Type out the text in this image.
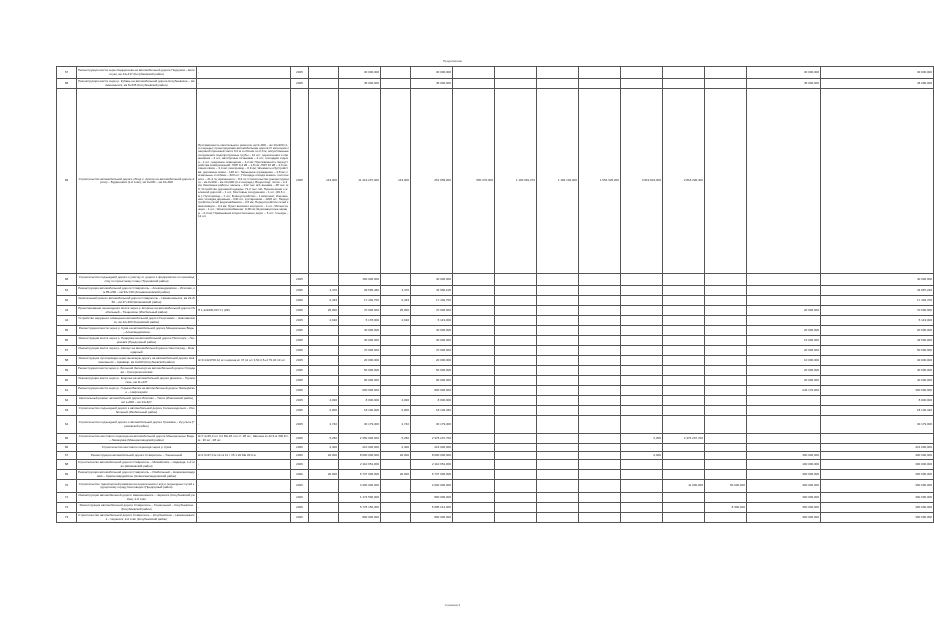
Продолжение
67	Реконструкция моста через Кадыргинка на автомобильной дороге Подкумок – Ессентуки, км 14+417 (Кочубеевский район)	-	2025		30 000,000		30 000,000								30 000,000	30 000,000
68	Реконструкция моста через р. Кубань на автомобильной дороге Кочубеевское – Невинномысск, км 8+635 (Кочубеевский район)	-	2025		45 000,000		45 000,000								45 000,000	45 000,000
69	Строительство автомобильной дороги обход с. Арзгир на автомобильной дороге Арзгир – Будённовск (1-й этап), км 0+000 – км 10+900	Протяжённость капитального ремонта: км 0+000 – км 10+900 (1-я очередь); проектируемая автомобильная дорога IV категории с шириной проезжей части 6,0 м и обочин по 2,0 м; искусственные сооружения: водопропускные трубы – 12 шт.; пересечения и примыкания – 4 шт.; автобусные остановки – 2 шт.; площадки отдыха – 1 шт.; наружное освещение – 1,2 км; Протяжённость переустройства коммуникаций: ЛЭП 0,4 кВ – 1,8 км; ЛЭП 10 кВ – 2,6 км; линии связи – 3,4 км; газопровод – 0,9 км; Элементы обустройства: дорожные знаки – 148 шт.; барьерное ограждение – 4,8 км; сигнальные столбики – 620 шт.; Площадь отвода земель: постоянного – 21,4 га; временного – 8,6 га; Строительство (реконструкция) – км 0+000 – км 10+900 (2-я очередь); Водоотвод: лотки – 2,3 км; Земляные работы: насыпь – 212 тыс. м3; выемка – 48 тыс. м3; Устройство дорожной одежды: 71,2 тыс. м2; Пересечение с железной дорогой – 1 шт.; Мостовые сооружения – 1 шт. (29,6 п.м.); Путепровод – 1 шт.; Благоустройство – 1 комплекс; Озеленение: посадка деревьев – 640 шт., кустарников – 1200 шт.; Переустройство сетей водоснабжения – 0,6 км; Переустройство сетей канализации – 0,4 км; Пункт весового контроля – 1 шт.; Метеостанция – 1 шт.; Электроснабжение: 0,48 км; Шумозащитные экраны – 0,3 км; Примыкания второстепенных дорог – 6 шт.; Съезды – 12 шт.	2025	143,000	11 419 297,000	143,000	251 659,000	650 370,000	1 100 081,270	1 184 194,000	1 054 325,000	3 819 824,000	2 818 296,400			
68	Строительство подъездной дороги к участку от дороги к предприятию по производству по проектному плану (Труновский район)	-	2025		160 000,000		40 000,000									40 000,000
51	Реконструкция автомобильной дороги Ставрополь – Александровское – Ипатово, км 85+200 – км 94+740 (Апанасенковский район)	-	2025	4,470	39 505,460	4,470	43 960,106									43 987,240
52	Капитальный ремонт автомобильной дороги Ставрополь – Невинномысск, км 23+560 – км 27+330 (Шпаковский район)	-	2026	0,433	17 402,700	0,433	17 402,700									17 402,700
43	Проектирование пешеходного моста через р. Егорлык на автомобильной дороге Изобильный – Тищенское (Изобильный район)	П 1,4х4000,00 П 1 (2Ф)	2025	25,000	70 000,000	25,000	70 000,000								20 000,000	70 000,000
44	Устройство наружного освещения автомобильной дороги Георгиевск – Новопавловск, км 12+300 (Кировский район)	-	2025	2,620	5 178,900	2,620	5 143,000									5 143,000
55	Реконструкция моста через р. Кума на автомобильной дороге Минеральные Воды – Александровское	-	2025		40 000,000		40 000,000								20 000,000	20 000,000
56	Реконструкция моста через р. Подкумок на автомобильной дороге Пятигорск – Георгиевск (Предгорный район)	-	2025		30 000,000		30 000,000								15 000,000	49 500,000
57	Реконструкция моста через р. Калаус на автомобильной дороге Светлоград – Благодарный	-	2025		70 000,000		70 000,000								20 000,000	50 000,000
58	Реконструкция путепровода через железную дорогу на автомобильной дороге Невинномысск – Армавир, км 0+000 (Кочубеевский район)	Н=0,14х3700,12 шт ширина кп 37,11 шт 3,53 2,5+4 79,40 13 шт	2025		20 000,000		20 000,000								10 000,000	40 000,000
59	Реконструкция моста через р. Большой Зеленчук на автомобильной дороге Отрадная – Григорополисская	-	2025		50 000,000		50 000,000								20 000,000	40 000,000
60	Реконструкция моста через р. Егорлык на автомобильной дороге Донское – Труновское, км 11+237	-	2025		90 000,000		90 000,000								20 000,000	40 000,000
61	Реконструкция моста через р. Горькая Балка на автомобильной дороге Левокумское – Нефтекумск	-	2025		600 000,000		800 000,000								243 179,000	300 000,000
62	Капитальный ремонт автомобильной дороги Ипатово – Тахта (Ипатовский район), км 1+000 – км 13+627	-	2025	2,000	8 000,000	2,000	8 000,000									8 000,000
63	Строительство подъездной дороги к автомобильной дороге Солнечнодольск – Изобильный (Изобильный район)	-	2025	0,900	18 100,000	0,900	18 136,340									18 136,340
64	Строительство подъездной дороги к автомобильной дороге Грачёвка – Кугульта (Грачёвский район)	-	2025	2,740	30 179,000	2,740	30 179,000									30 179,000
65	Строительство мостового перехода на автомобильной дороге Минеральные Воды – Левокумка (Минераловодский район)	Н=7,4х35,0 шт 3,2 Мв 26 тип ст. 28 шт.; Ширина кп 42,9 м 300,8 п.м.; 26 шт., 28 шт.	2025	5,250	2 350 000,000	5,250	2 376 207,700					0,000	2 376 207,700			
66	Строительство мостового перехода через р. Кума	-	2026	2,400	210 000,000	2,400	216 000,000									216 000,000
67	Реконструкция автомобильной дороги Ставрополь – Тоннельный	Н=1,5х37,0 м 14 ск 11 т 15 1 20 Мв 36,0 м	2026	20,000	8 000 000,000	20,000	8 000 000,000					0,000			300 000,000	300 000,000
68	Строительство автомобильной дороги Ставрополь – Михайловск – Надежда, 1-й этап (Шпаковский район)	-	2026		2 110 651,000		2 110 651,000								100 000,000	300 000,000
69	Реконструкция автомобильной дороги Ставрополь – Изобильный – Новоалександровск – Красногвардейское (Новоалександровский район)	-	2026	20,000	6 737 000,000	20,000	6 737 000,000								300 000,000	300 000,000
70	Строительство транспортной развязки на пересечении с ж/д и подъездных путей к курортному городу Кисловодск (Предгорный район)	-	2026		4 300 000,000		2 000 000,000						11 000,000	50 000,000	300 000,000	300 000,000
71	Реконструкция автомобильной дороги Невинномысск – Черкесск (Кочубеевский район), 2-й этап	-	2026		1 173 590,000		800 000,000								300 000,000	300 000,000
72	Реконструкция автомобильной дороги Ставрополь – Тоннельный – Кочубеевское (Кочубеевский район)	-	2026		5 776 150,000		5 095 214,000							8 400,000	300 000,000	300 000,000
73	Строительство автомобильной дороги Ставрополь – Кочубеевское – Невинномысск – Черкесск, 2-й этап (Кочубеевский район)	-	2026		800 000,000		800 000,000								300 000,000	300 000,000
страница 4
